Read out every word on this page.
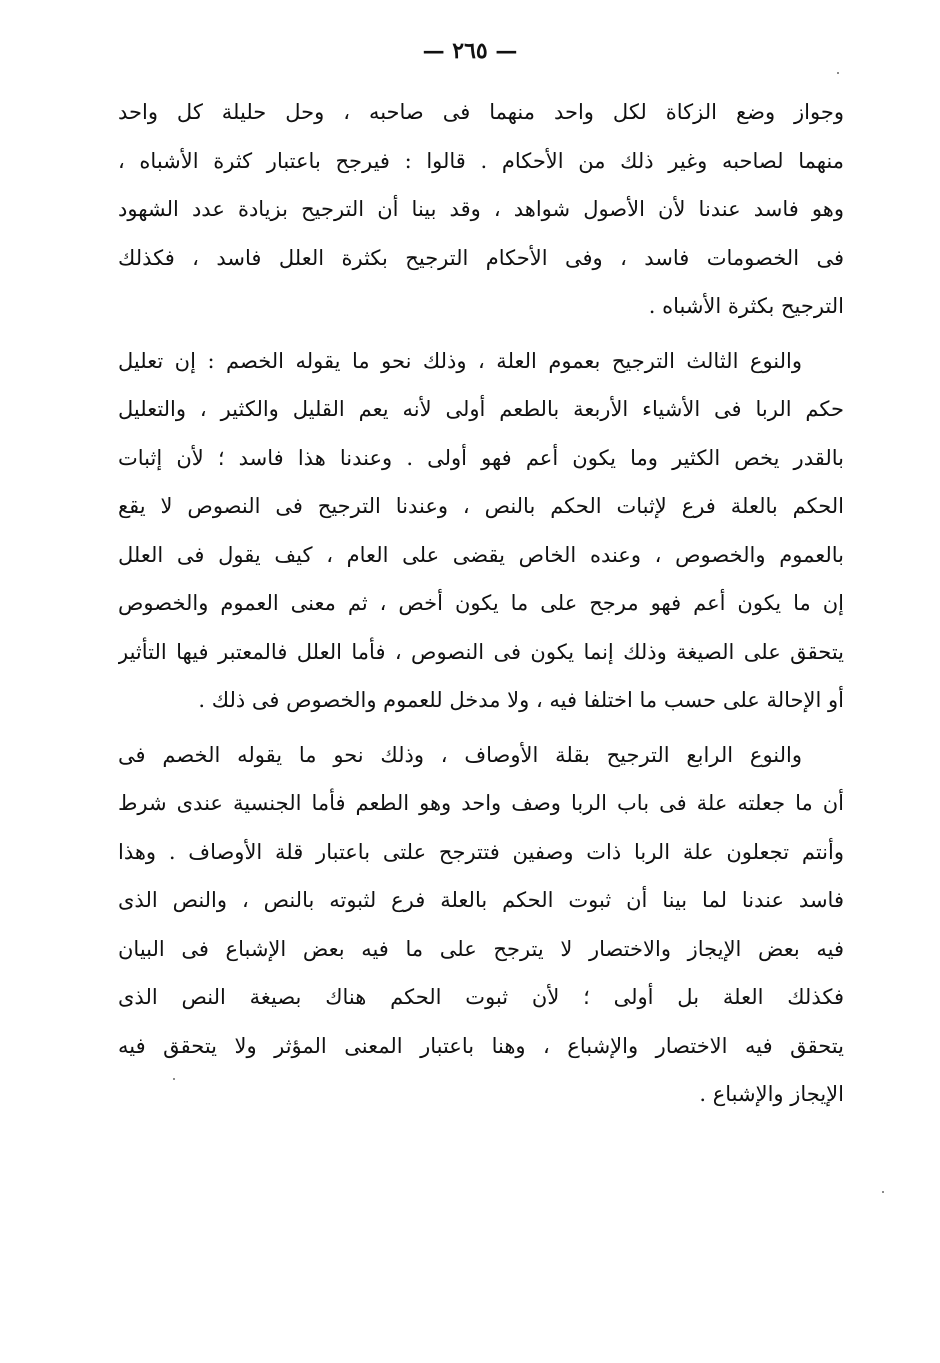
— ٢٦٥ —
وجواز وضع الزكاة لكل واحد منهما فى صاحبه ، وحل حليلة كل واحد
منهما لصاحبه وغير ذلك من الأحكام . قالوا : فيرجح باعتبار كثرة الأشباه ،
وهو فاسد عندنا لأن الأصول شواهد ، وقد بينا أن الترجيح بزيادة عدد الشهود
فى الخصومات فاسد ، وفى الأحكام الترجيح بكثرة العلل فاسد ، فكذلك
الترجيح بكثرة الأشباه .
والنوع الثالث الترجيح بعموم العلة ، وذلك نحو ما يقوله الخصم : إن تعليل
حكم الربا فى الأشياء الأربعة بالطعم أولى لأنه يعم القليل والكثير ، والتعليل
بالقدر يخص الكثير وما يكون أعم فهو أولى . وعندنا هذا فاسد ؛ لأن إثبات
الحكم بالعلة فرع لإثبات الحكم بالنص ، وعندنا الترجيح فى النصوص لا يقع
بالعموم والخصوص ، وعنده الخاص يقضى على العام ، كيف يقول فى العلل
إن ما يكون أعم فهو مرجح على ما يكون أخص ، ثم معنى العموم والخصوص
يتحقق على الصيغة وذلك إنما يكون فى النصوص ، فأما العلل فالمعتبر فيها التأثير
أو الإحالة على حسب ما اختلفا فيه ، ولا مدخل للعموم والخصوص فى ذلك .
والنوع الرابع الترجيح بقلة الأوصاف ، وذلك نحو ما يقوله الخصم فى
أن ما جعلته علة فى باب الربا وصف واحد وهو الطعم فأما الجنسية عندى شرط
وأنتم تجعلون علة الربا ذات وصفين فتترجح علتى باعتبار قلة الأوصاف . وهذا
فاسد عندنا لما بينا أن ثبوت الحكم بالعلة فرع لثبوته بالنص ، والنص الذى
فيه بعض الإيجاز والاختصار لا يترجح على ما فيه بعض الإشباع فى البيان
فكذلك العلة بل أولى ؛ لأن ثبوت الحكم هناك بصيغة النص الذى
يتحقق فيه الاختصار والإشباع ، وهنا باعتبار المعنى المؤثر ولا يتحقق فيه
الإيجاز والإشباع .
